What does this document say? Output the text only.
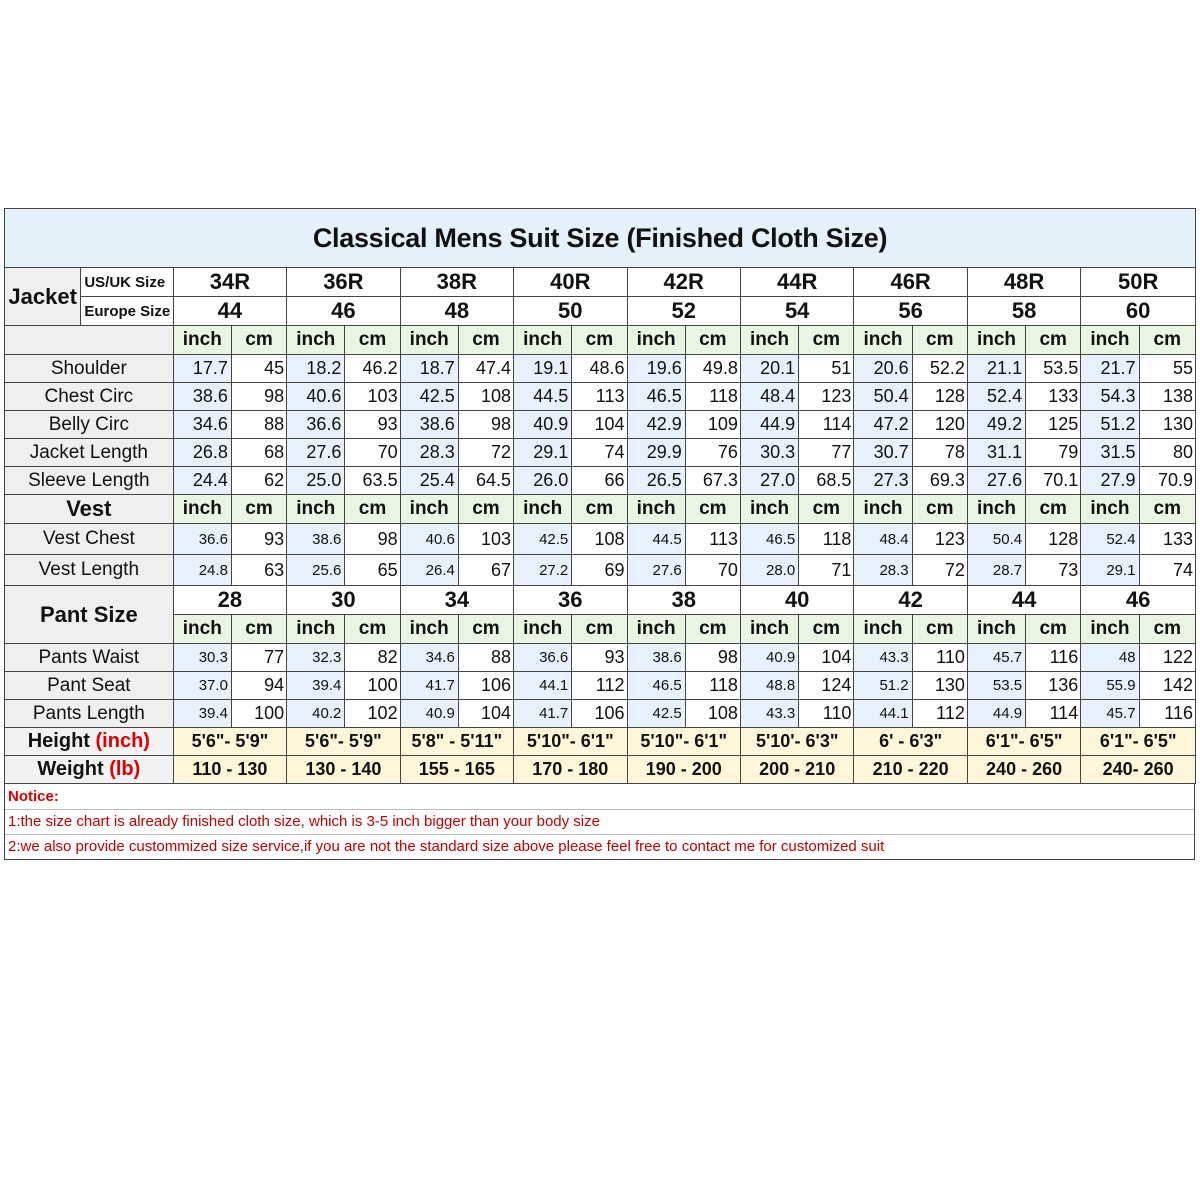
Classical Mens Suit Size (Finished Cloth Size)																			
Jacket	US/UK Size	34R		36R		38R		40R		42R		44R		46R		48R		50R	
	Europe Size	44		46		48		50		52		54		56		58		60	
		inch	cm	inch	cm	inch	cm	inch	cm	inch	cm	inch	cm	inch	cm	inch	cm	inch	cm
Shoulder		17.7	45	18.2	46.2	18.7	47.4	19.1	48.6	19.6	49.8	20.1	51	20.6	52.2	21.1	53.5	21.7	55
Chest Circ		38.6	98	40.6	103	42.5	108	44.5	113	46.5	118	48.4	123	50.4	128	52.4	133	54.3	138
Belly Circ		34.6	88	36.6	93	38.6	98	40.9	104	42.9	109	44.9	114	47.2	120	49.2	125	51.2	130
Jacket Length		26.8	68	27.6	70	28.3	72	29.1	74	29.9	76	30.3	77	30.7	78	31.1	79	31.5	80
Sleeve Length		24.4	62	25.0	63.5	25.4	64.5	26.0	66	26.5	67.3	27.0	68.5	27.3	69.3	27.6	70.1	27.9	70.9
Vest		inch	cm	inch	cm	inch	cm	inch	cm	inch	cm	inch	cm	inch	cm	inch	cm	inch	cm
Vest Chest		36.6	93	38.6	98	40.6	103	42.5	108	44.5	113	46.5	118	48.4	123	50.4	128	52.4	133
Vest Length		24.8	63	25.6	65	26.4	67	27.2	69	27.6	70	28.0	71	28.3	72	28.7	73	29.1	74
Pant Size		28		30		34		36		38		40		42		44		46	
		inch	cm	inch	cm	inch	cm	inch	cm	inch	cm	inch	cm	inch	cm	inch	cm	inch	cm
Pants Waist		30.3	77	32.3	82	34.6	88	36.6	93	38.6	98	40.9	104	43.3	110	45.7	116	48	122
Pant Seat		37.0	94	39.4	100	41.7	106	44.1	112	46.5	118	48.8	124	51.2	130	53.5	136	55.9	142
Pants Length		39.4	100	40.2	102	40.9	104	41.7	106	42.5	108	43.3	110	44.1	112	44.9	114	45.7	116
Height (inch)		5'6"- 5'9"		5'6"- 5'9"		5'8" - 5'11"		5'10"- 6'1"		5'10"- 6'1"		5'10'- 6'3"		6' - 6'3"		6'1"- 6'5"		6'1"- 6'5"	
Weight (lb)		110 - 130		130 - 140		155 - 165		170 - 180		190 - 200		200 - 210		210 - 220		240 - 260		240- 260	
Notice:
1:the size chart is already finished cloth size, which is 3-5 inch bigger than your body size
2:we also provide custommized size service,if you are not the standard size above please feel free to contact me for customized suit
